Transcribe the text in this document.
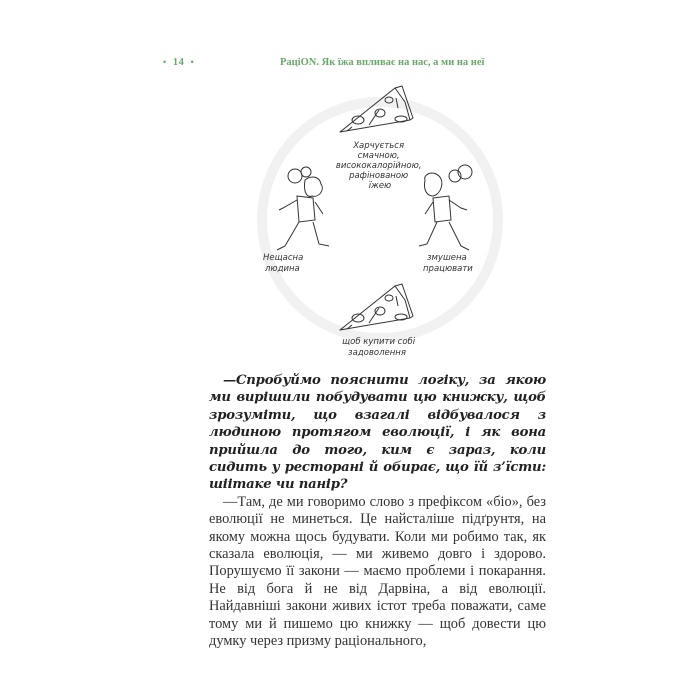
• 14 •	РаціON. Як їжа впливає на нас, а ми на неї
Харчується смачною, висококалорійною, рафінованою їжею
Нещасна людина
змушена працювати
щоб купити собі задоволення

—Спробуймо пояснити логіку, за якою ми вирішили побудувати цю книжку, щоб зрозуміти, що взагалі відбувалося з людиною протягом еволюції, і як вона прийшла до того, ким є зараз, коли сидить у ресторані й обирає, що їй з’їсти: шіітаке чи панір?

—Там, де ми говоримо слово з префіксом «біо», без еволюції не минеться. Це найсталіше підґрунтя, на якому можна щось будувати. Коли ми робимо так, як сказала еволюція, — ми живемо довго і здорово. Порушуємо її закони — маємо проблеми і покарання. Не від бога й не від Дарвіна, а від еволюції. Найдавніші закони живих істот треба поважати, саме тому ми й пишемо цю книжку — щоб довести цю думку через призму раціонального,
